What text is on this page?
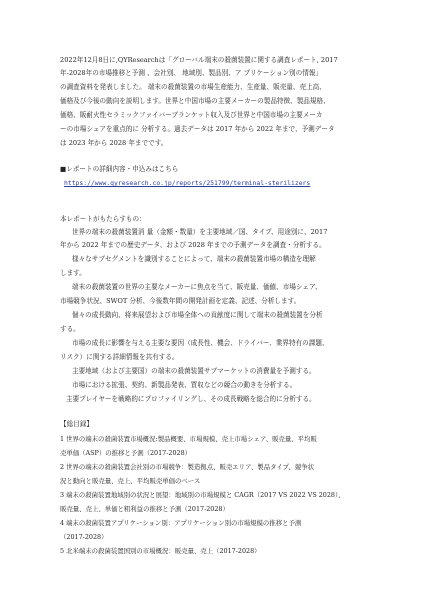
2022年12月8日に,QYResearchは「グローバル端末の殺菌装置に関する調査レポート, 2017
年-2028年の市場推移と予測 、会社別、 地域別、製品別、ア プリケーション別の情報」
の調査資料を発表しました。 端末の殺菌装置の市場生産能力、生産量、販売量、売上高、
価格及び今後の動向を説明します。世界と中国市場の主要メーカーの製品特徴、製品規格、
価格、販耐火性セラミックファイバーブランケット収入及び世界と中国市場の主要メーカ
ーの市場シェアを重点的に 分析する。過去データは 2017 年から 2022 年まで、予測データ
は 2023 年から 2028 年までです。
■レポートの詳細内容・申込みはこちら
https://www.qyresearch.co.jp/reports/251799/terminal-sterilizers
本レポートがもたらすもの：
世界の端末の殺菌装置消 量（金額・数量）を主要地域／国、タイプ、用途別に、2017
年から 2022 年までの歴史データ、および 2028 年までの予測データを調査・分析する。
様々なサブセグメントを識別することによって、端末の殺菌装置市場の構造を理解
します。
端末の殺菌装置の世界の主要なメーカーに焦点を当て、販売量、価値、市場シェア、
市場競争状況、SWOT 分析、今後数年間の開発計画を定義、記述、分析します。
個々の成長動向、将来展望および市場全体への貢献度に関して端末の殺菌装置を分析
する。
市場の成長に影響を与える主要な要因（成長性、機会、ドライバー、業界特有の課題、
リスク）に関する詳細情報を共有する。
主要地域（および主要国）の端末の殺菌装置サブマーケットの消費量を予測する。
市場における拡張、契約、新製品発表、買収などの競合の動きを分析する。
主要プレイヤーを戦略的にプロファイリングし、その成長戦略を総合的に分析する。
【総目録】
1 世界の端末の殺菌装置市場概況:製品概要、市場規模、売上市場シェア、販売量、平均販
売単価（ASP）の推移と予測（2017-2028）
2 世界の端末の殺菌装置会社別の市場競争：製造拠点、販売エリア、製品タイプ、競争状
況と動向と販売量、売上、平均販売単価のベース
3 端末の殺菌装置地域別の状況と展望：地域別の市場規模と CAGR（2017 VS 2022 VS 2028）、
販売量、売上、単価と粗利益の推移と予測（2017-2028）
4 端末の殺菌装置アプリケーション別：アプリケーション別の市場規模の推移と予測
（2017-2028）
5 北米端末の殺菌装置国別の市場概況：販売量、売上（2017-2028）
